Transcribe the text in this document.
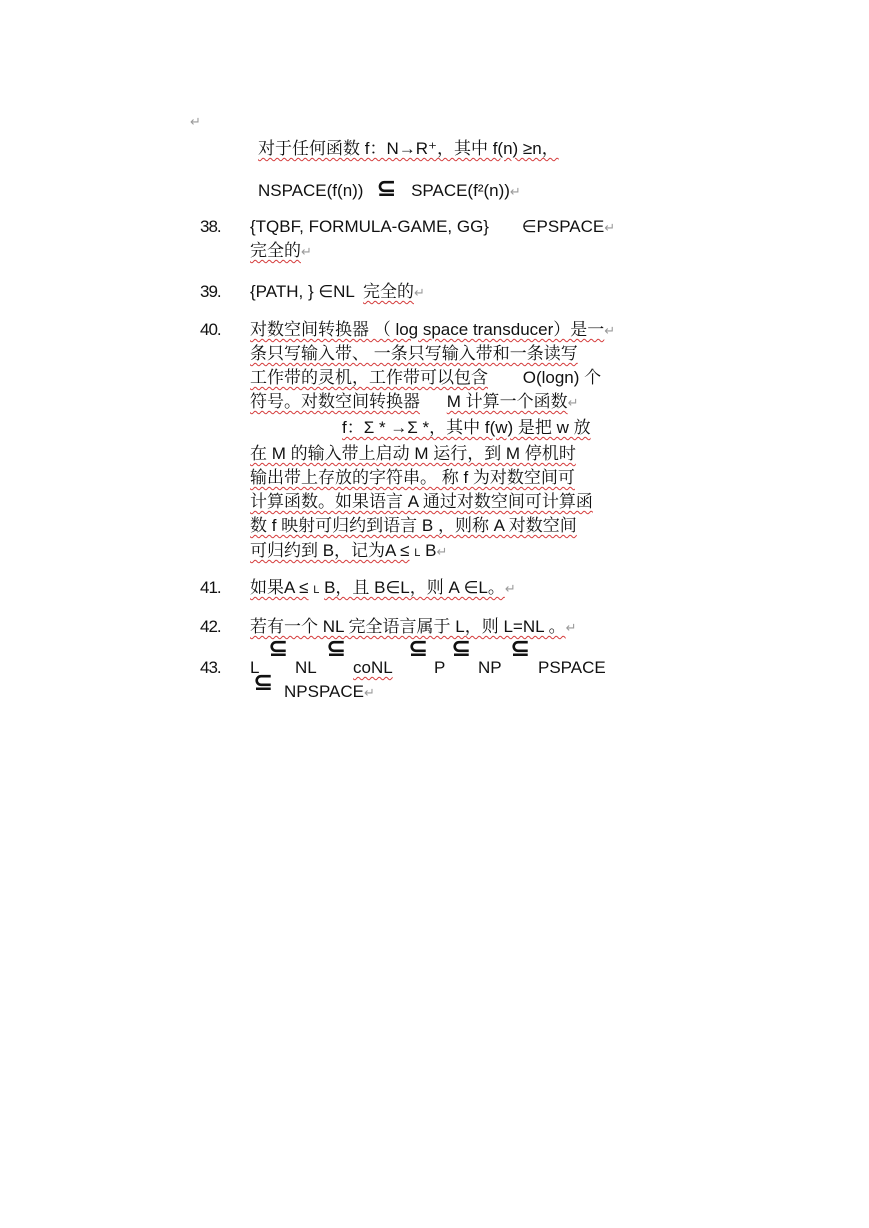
↵
对于任何函数 f：N→R⁺，其中 f(n) ≥n，
NSPACE(f(n)) ⊆ SPACE(f²(n))↵
38. {TQBF, FORMULA-GAME, GG} ∈PSPACE↵
完全的↵
39. {PATH, } ∈NL 完全的↵
40. 对数空间转换器 （ log space transducer）是一↵
条只写输入带、 一条只写输入带和一条读写
工作带的灵机，工作带可以包含 O(logn) 个
符号。对数空间转换器 M 计算一个函数↵
f：Σ * →Σ *，其中 f(w) 是把 w 放
在 M 的输入带上启动 M 运行，到 M 停机时
输出带上存放的字符串。 称 f 为对数空间可
计算函数。如果语言 A 通过对数空间可计算函
数 f 映射可归约到语言 B ，则称 A 对数空间
可归约到 B，记为A ≤ L B↵
41. 如果A ≤ L B，且 B∈L，则 A ∈L。↵
42. 若有一个 NL 完全语言属于 L，则 L=NL 。↵
43. L NL coNL P NP PSPACE
NPSPACE↵
⊆ ⊆	⊆ ⊆ ⊆
⊆
